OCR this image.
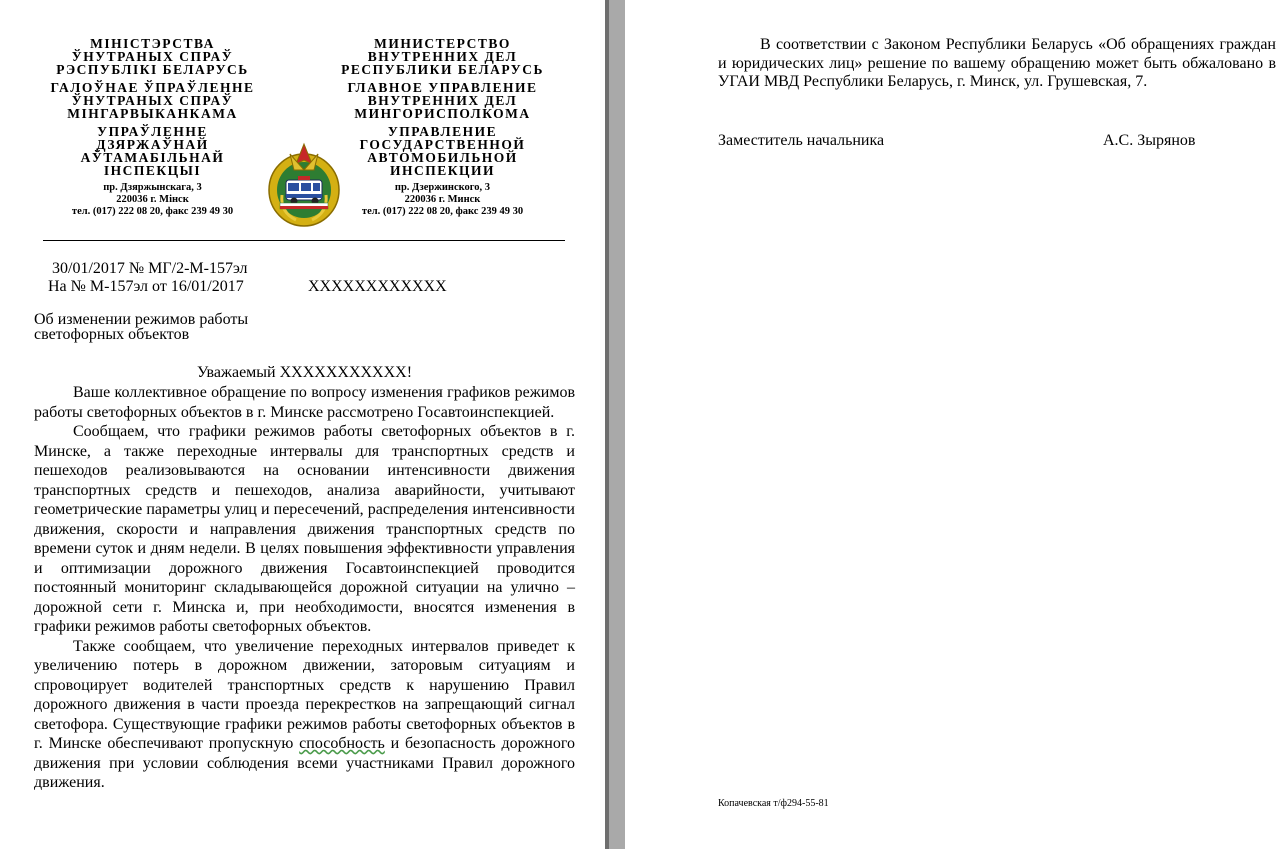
МІНІСТЭРСТВА
ЎНУТРАНЫХ СПРАЎ
РЭСПУБЛІКІ БЕЛАРУСЬ
ГАЛОЎНАЕ ЎПРАЎЛЕННЕ
ЎНУТРАНЫХ СПРАЎ
МІНГАРВЫКАНКАМА
УПРАЎЛЕННЕ
ДЗЯРЖАЎНАЙ
АЎТАМАБІЛЬНАЙ
ІНСПЕКЦЫІ
пр. Дзяржынскага, 3
220036 г. Мінск
тел. (017) 222 08 20, факс 239 49 30
МИНИСТЕРСТВО
ВНУТРЕННИХ ДЕЛ
РЕСПУБЛИКИ БЕЛАРУСЬ
ГЛАВНОЕ УПРАВЛЕНИЕ
ВНУТРЕННИХ ДЕЛ
МИНГОРИСПОЛКОМА
УПРАВЛЕНИЕ
ГОСУДАРСТВЕННОЙ
АВТОМОБИЛЬНОЙ
ИНСПЕКЦИИ
пр. Дзержинского, 3
220036 г. Минск
тел. (017) 222 08 20, факс 239 49 30
30/01/2017 № МГ/2-М-157эл
На № М-157эл от 16/01/2017	XXXXXXXXXXXX
Об изменении режимов работы
светофорных объектов
Уважаемый XXXXXXXXXXX!

Ваше коллективное обращение по вопросу изменения графиков режимов работы светофорных объектов в г. Минске рассмотрено Госавтоинспекцией.

Сообщаем, что графики режимов работы светофорных объектов в г. Минске, а также переходные интервалы для транспортных средств и пешеходов реализовываются на основании интенсивности движения транспортных средств и пешеходов, анализа аварийности, учитывают геометрические параметры улиц и пересечений, распределения интенсивности движения, скорости и направления движения транспортных средств по времени суток и дням недели. В целях повышения эффективности управления и оптимизации дорожного движения Госавтоинспекцией проводится постоянный мониторинг складывающейся дорожной ситуации на улично – дорожной сети г. Минска и, при необходимости, вносятся изменения в графики режимов работы светофорных объектов.

Также сообщаем, что увеличение переходных интервалов приведет к увеличению потерь в дорожном движении, заторовым ситуациям и спровоцирует водителей транспортных средств к нарушению Правил дорожного движения в части проезда перекрестков на запрещающий сигнал светофора. Существующие графики режимов работы светофорных объектов в г. Минске обеспечивают пропускную способность и безопасность дорожного движения при условии соблюдения всеми участниками Правил дорожного движения.

В соответствии с Законом Республики Беларусь «Об обращениях граждан и юридических лиц» решение по вашему обращению может быть обжаловано в УГАИ МВД Республики Беларусь, г. Минск, ул. Грушевская, 7.

Заместитель начальника	А.С. Зырянов
Копачевская т/ф294-55-81
